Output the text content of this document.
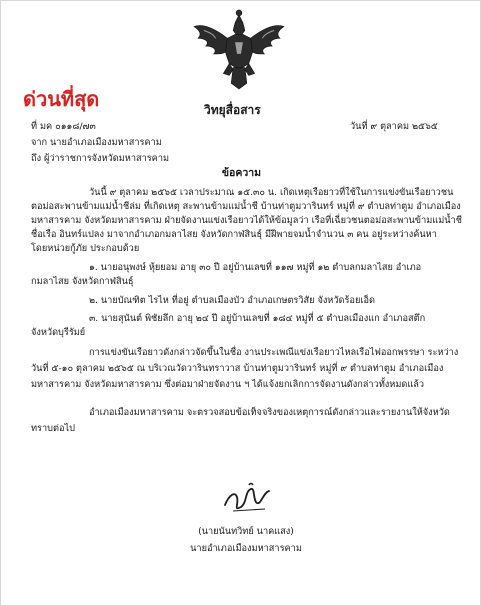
ด่วนที่สุด	วิทยุสื่อสาร
ที่ มค ๐๑๑๘/๗๓	วันที่ ๙ ตุลาคม ๒๕๖๕
จาก นายอำเภอเมืองมหาสารคาม
ถึง ผู้ว่าราชการจังหวัดมหาสารคาม
ข้อความ
วันนี้ ๙ ตุลาคม ๒๕๖๕ เวลาประมาณ ๑๕.๓๐ น. เกิดเหตุเรือยาวที่ใช้ในการแข่งขันเรือยาวชน
ตอม่อสะพานข้ามแม่น้ำชีล่ม ที่เกิดเหตุ สะพานข้ามแม่น้ำชี บ้านท่าตูมวารินทร์ หมู่ที่ ๙ ตำบลท่าตูม อำเภอเมือง
มหาสารคาม จังหวัดมหาสารคาม ฝ่ายจัดงานแข่งเรือยาวได้ให้ข้อมูลว่า เรือที่เฉี่ยวชนตอม่อสะพานข้ามแม่น้ำชี
ชื่อเรือ อินทร์แปลง มาจากอำเภอกมลาไสย จังหวัดกาฬสินธุ์ มีฝีพายจมน้ำจำนวน ๓ คน อยู่ระหว่างค้นหา
โดยหน่วยกู้ภัย ประกอบด้วย
๑. นายอนุพงษ์ หุ้ยยอม อายุ ๓๐ ปี อยู่บ้านเลขที่ ๑๑๗ หมู่ที่ ๑๒ ตำบลกมลาไสย อำเภอ
กมลาไสย จังหวัดกาฬสินธุ์
๒. นายบัณฑิต ไรไห ที่อยู่ ตำบลเมืองบัว อำเภอเกษตรวิสัย จังหวัดร้อยเอ็ด
๓. นายสุนันต์ พิชัยลึก อายุ ๒๔ ปี อยู่บ้านเลขที่ ๑๘๔ หมู่ที่ ๕ ตำบลเมืองแก อำเภอสตึก
จังหวัดบุรีรัมย์
การแข่งขันเรือยาวดังกล่าวจัดขึ้นในชื่อ งานประเพณีแข่งเรือยาวไหลเรือไฟออกพรรษา ระหว่าง
วันที่ ๕-๑๐ ตุลาคม ๒๕๖๕ ณ บริเวณวัดวารินทราวาส บ้านท่าตูมวารินทร์ หมู่ที่ ๙ ตำบลท่าตูม อำเภอเมือง
มหาสารคาม จังหวัดมหาสารคาม ซึ่งต่อมาฝ่ายจัดงาน ฯ ได้แจ้งยกเลิกการจัดงานดังกล่าวทั้งหมดแล้ว
อำเภอเมืองมหาสารคาม จะตรวจสอบข้อเท็จจริงของเหตุการณ์ดังกล่าวและรายงานให้จังหวัด
ทราบต่อไป
(นายนันทวิทย์ นาคแสง)
นายอำเภอเมืองมหาสารคาม
